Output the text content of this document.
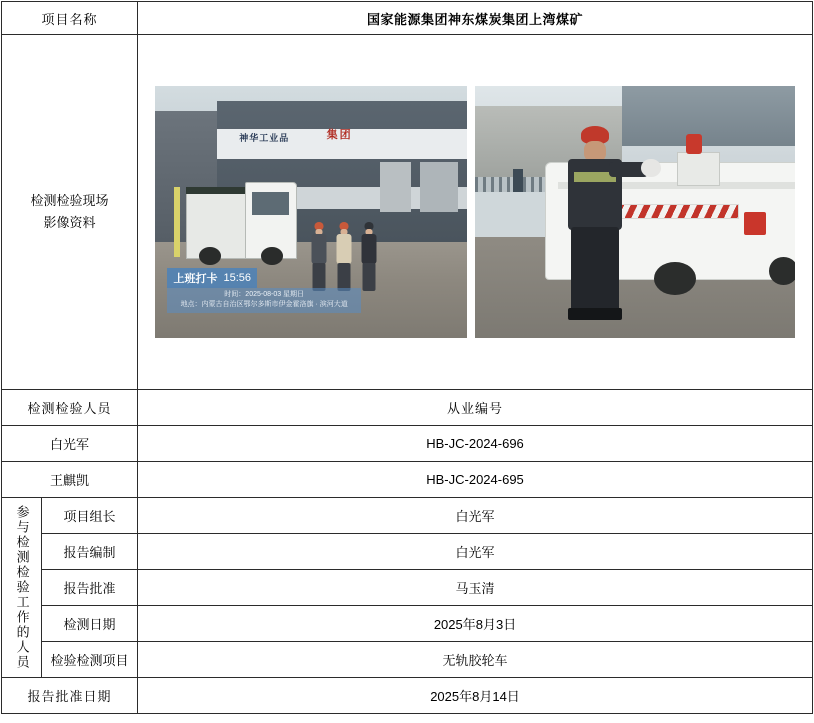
项目名称		国家能源集团神东煤炭集团上湾煤矿

检测检验现场
影像资料

神华工业品	集团
上班打卡 15:56
时间：2025-08-03 星期日
地点：内蒙古自治区鄂尔多斯市伊金霍洛旗 · 滨河大道

检测检验人员		从业编号
白光军		HB-JC-2024-696
王麒凯		HB-JC-2024-695

参与检测检验工作的人员	项目组长	白光军
	报告编制	白光军
	报告批准	马玉清
	检测日期	2025年8月3日
	检验检测项目	无轨胶轮车
报告批准日期		2025年8月14日
